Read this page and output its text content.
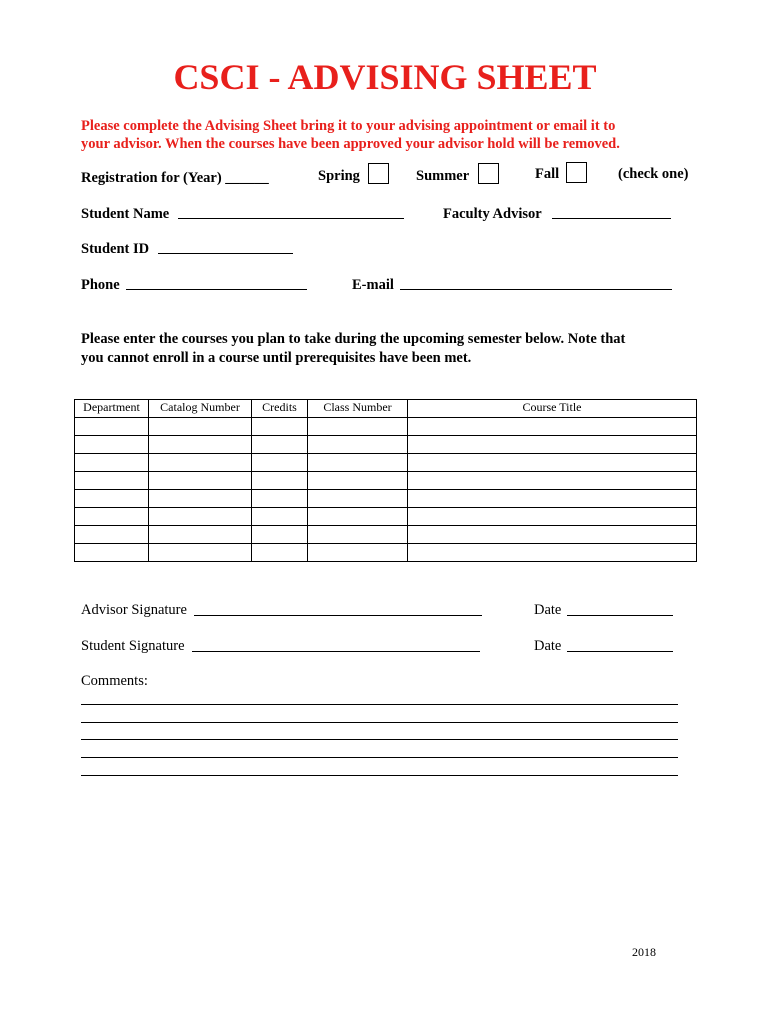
CSCI - ADVISING SHEET
Please complete the Advising Sheet bring it to your advising appointment or email it to
your advisor. When the courses have been approved your advisor hold will be removed.
Registration for (Year) ______	Spring	Summer	Fall	(check one)
Student Name	Faculty Advisor
Student ID
Phone	E-mail
Please enter the courses you plan to take during the upcoming semester below. Note that
you cannot enroll in a course until prerequisites have been met.
Department	Catalog Number	Credits	Class Number	Course Title

Advisor Signature	Date
Student Signature	Date
Comments:
2018
